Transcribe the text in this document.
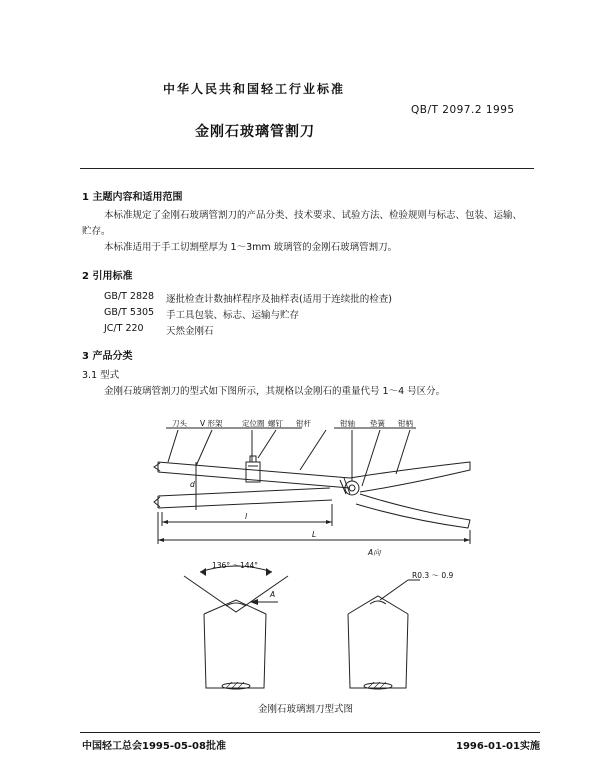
中华人民共和国轻工行业标准
QB/T 2097.2 1995
金刚石玻璃管割刀
1 主题内容和适用范围
本标准规定了金刚石玻璃管割刀的产品分类、技术要求、试验方法、检验规则与标志、包装、运输、
贮存。
本标准适用于手工切割壁厚为 1～3mm 玻璃管的金刚石玻璃管割刀。
2 引用标准
GB/T 2828 逐批检查计数抽样程序及抽样表(适用于连续批的检查)
GB/T 5305 手工具包装、标志、运输与贮存
JC/T 220 天然金刚石
3 产品分类
3.1 型式
金刚石玻璃管割刀的型式如下图所示，其规格以金刚石的重量代号 1～4 号区分。
刀头 V 形架	定位圈 螺钉 钳杆	钳轴 垫簧 钳柄
d
l
L
A向
136° ～144°
A
R0.3 ～ 0.9
金刚石玻璃割刀型式图
中国轻工总会1995-05-08批准	1996-01-01实施
